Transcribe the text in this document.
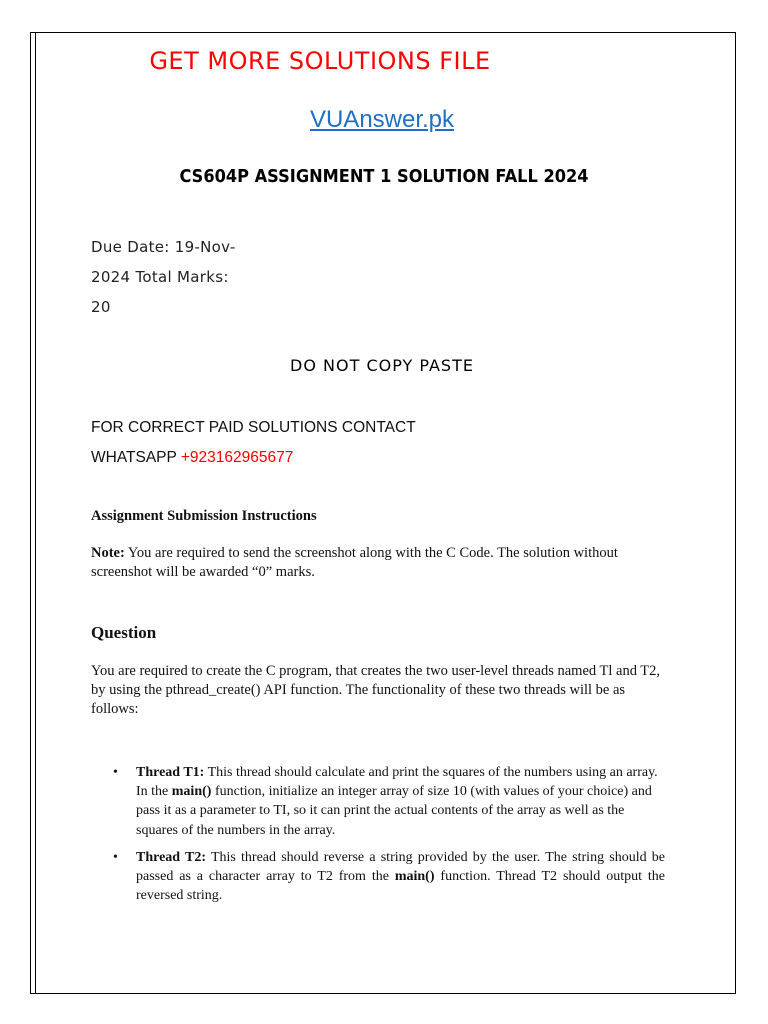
GET MORE SOLUTIONS FILE
VUAnswer.pk
CS604P ASSIGNMENT 1 SOLUTION FALL 2024
Due Date: 19-Nov-
2024 Total Marks:
20
DO NOT COPY PASTE
FOR CORRECT PAID SOLUTIONS CONTACT
WHATSAPP +923162965677
Assignment Submission Instructions
Note: You are required to send the screenshot along with the C Code. The solution without screenshot will be awarded “0” marks.
Question
You are required to create the C program, that creates the two user-level threads named Tl and T2, by using the pthread_create() API function. The functionality of these two threads will be as follows:
• Thread T1: This thread should calculate and print the squares of the numbers using an array. In the main() function, initialize an integer array of size 10 (with values of your choice) and pass it as a parameter to TI, so it can print the actual contents of the array as well as the squares of the numbers in the array.
• Thread T2: This thread should reverse a string provided by the user. The string should be passed as a character array to T2 from the main() function. Thread T2 should output the reversed string.
